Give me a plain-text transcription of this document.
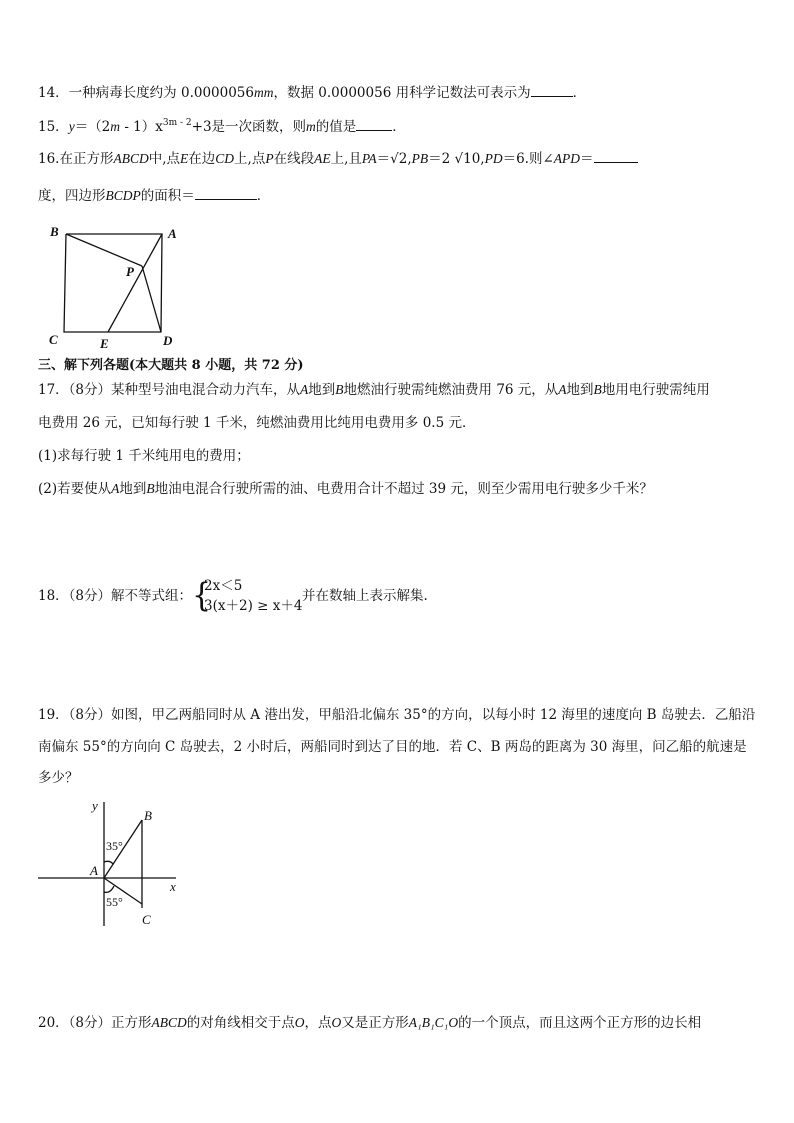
14．一种病毒长度约为 0.0000056mm，数据 0.0000056 用科学记数法可表示为	．
15．$y=(2m - 1)x^{3m - 2}+3$是一次函数，则m的值是	．
16.在正方形ABCD中,点E在边CD上,点P在线段AE上,且PA＝√2,PB＝2 √10,PD＝6.则∠APD＝
度，四边形BCDP的面积＝	．
B	A
P
C	E	D
三、解下列各题(本大题共 8 小题，共 72 分)
17．（8分）某种型号油电混合动力汽车，从A地到B地燃油行驶需纯燃油费用 76 元，从A地到B地用电行驶需纯用
电费用 26 元，已知每行驶 1 千米，纯燃油费用比纯用电费用多 0.5 元．
(1)求每行驶 1 千米纯用电的费用；
(2)若要使从A地到B地油电混合行驶所需的油、电费用合计不超过 39 元，则至少需用电行驶多少千米？
18．（8分）解不等式组： {
2x＜5
3(x＋2) ≥ x＋4
并在数轴上表示解集.
19．（8分）如图，甲乙两船同时从 A 港出发，甲船沿北偏东 35°的方向，以每小时 12 海里的速度向 B 岛驶去．乙船沿
南偏东 55°的方向向 C 岛驶去，2 小时后，两船同时到达了目的地．若 C、B 两岛的距离为 30 海里，问乙船的航速是
多少？
y
x
A
B
C
35°
55°
20．（8分）正方形ABCD的对角线相交于点O，点O又是正方形A₁B₁C₁O的一个顶点，而且这两个正方形的边长相
